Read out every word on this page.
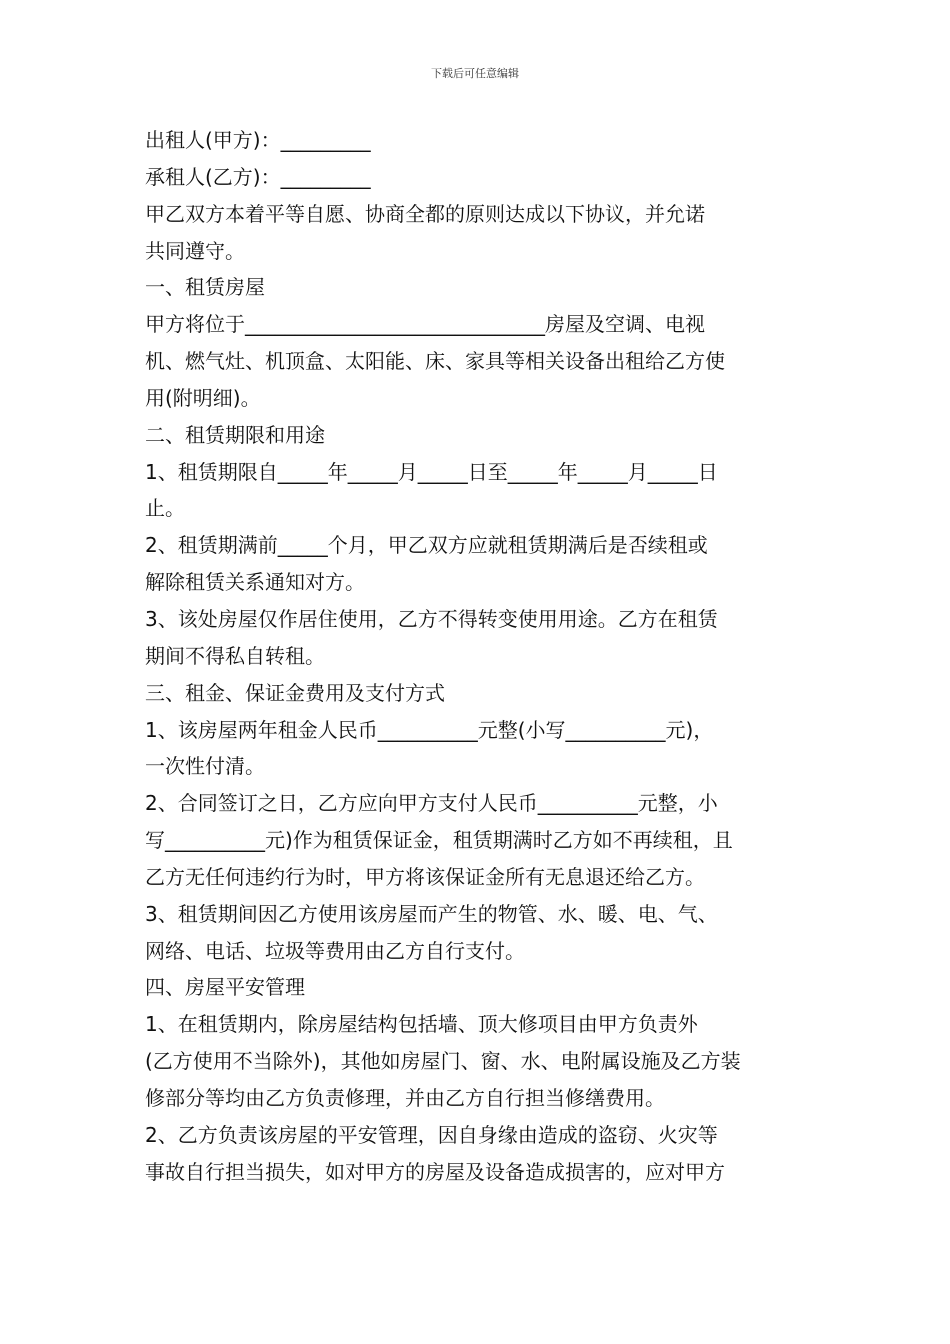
下载后可任意编辑
出租人(甲方)：_________
承租人(乙方)：_________
甲乙双方本着平等自愿、协商全都的原则达成以下协议，并允诺
共同遵守。
一、租赁房屋
甲方将位于______________________________房屋及空调、电视
机、燃气灶、机顶盒、太阳能、床、家具等相关设备出租给乙方使
用(附明细)。
二、租赁期限和用途
1、租赁期限自_____年_____月_____日至_____年_____月_____日
止。
2、租赁期满前_____个月，甲乙双方应就租赁期满后是否续租或
解除租赁关系通知对方。
3、该处房屋仅作居住使用，乙方不得转变使用用途。乙方在租赁
期间不得私自转租。
三、租金、保证金费用及支付方式
1、该房屋两年租金人民币__________元整(小写__________元)，
一次性付清。
2、合同签订之日，乙方应向甲方支付人民币__________元整，小
写__________元)作为租赁保证金，租赁期满时乙方如不再续租，且
乙方无任何违约行为时，甲方将该保证金所有无息退还给乙方。
3、租赁期间因乙方使用该房屋而产生的物管、水、暖、电、气、
网络、电话、垃圾等费用由乙方自行支付。
四、房屋平安管理
1、在租赁期内，除房屋结构包括墙、顶大修项目由甲方负责外
(乙方使用不当除外)，其他如房屋门、窗、水、电附属设施及乙方装
修部分等均由乙方负责修理，并由乙方自行担当修缮费用。
2、乙方负责该房屋的平安管理，因自身缘由造成的盗窃、火灾等
事故自行担当损失，如对甲方的房屋及设备造成损害的，应对甲方
